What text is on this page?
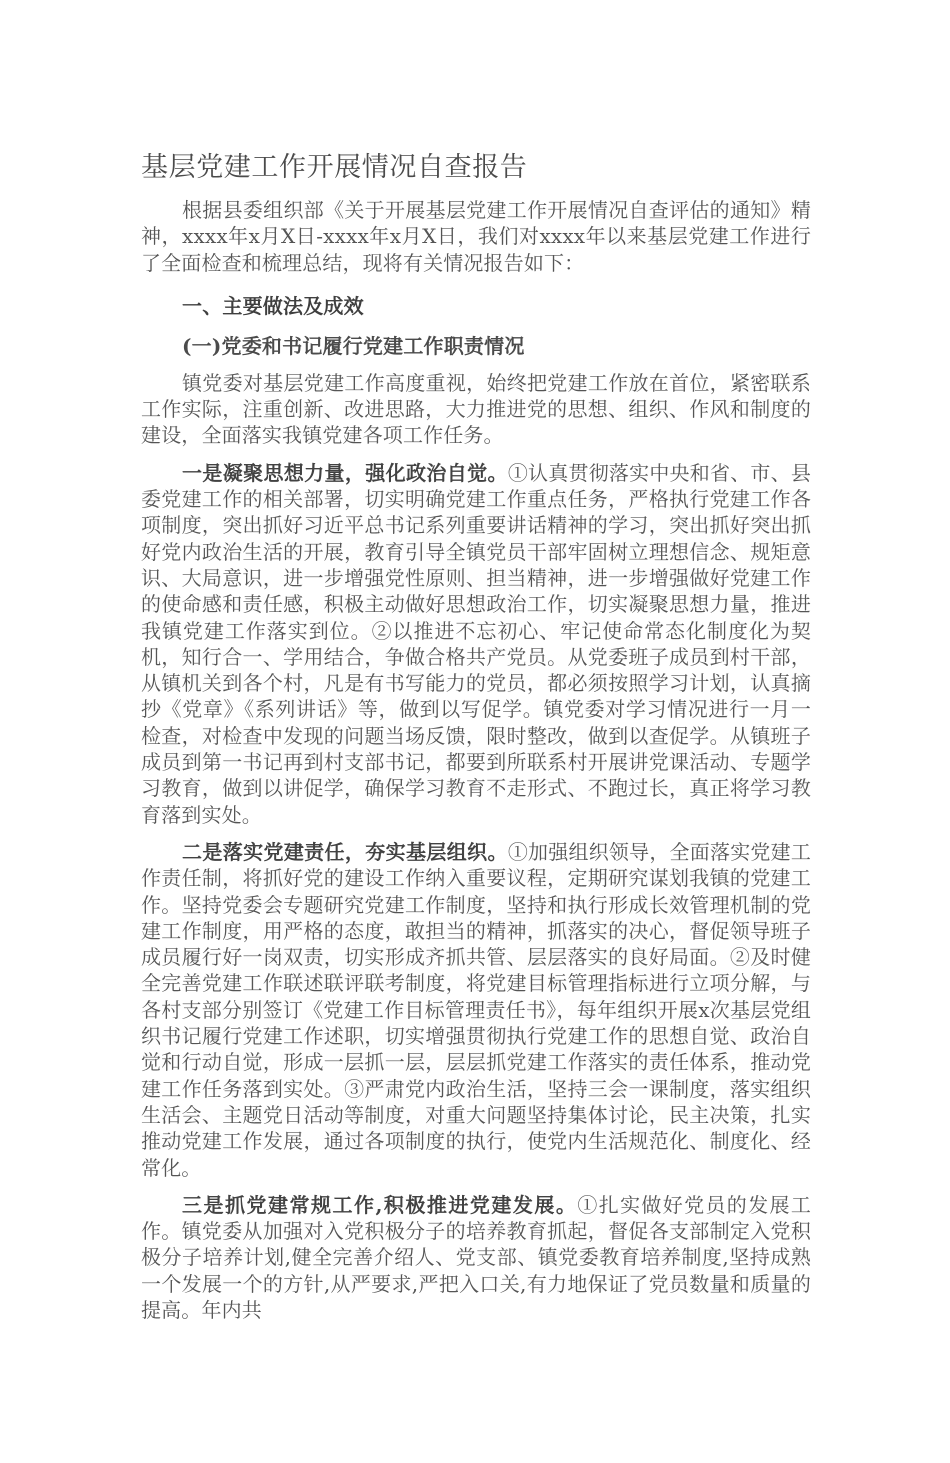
基层党建工作开展情况自查报告

根据县委组织部《关于开展基层党建工作开展情况自查评估的通知》精神，xxxx年x月X日-xxxx年x月X日，我们对xxxx年以来基层党建工作进行了全面检查和梳理总结，现将有关情况报告如下：

一、主要做法及成效
(一)党委和书记履行党建工作职责情况

镇党委对基层党建工作高度重视，始终把党建工作放在首位，紧密联系工作实际，注重创新、改进思路，大力推进党的思想、组织、作风和制度的建设，全面落实我镇党建各项工作任务。

一是凝聚思想力量，强化政治自觉。①认真贯彻落实中央和省、市、县委党建工作的相关部署，切实明确党建工作重点任务，严格执行党建工作各项制度，突出抓好习近平总书记系列重要讲话精神的学习，突出抓好突出抓好党内政治生活的开展，教育引导全镇党员干部牢固树立理想信念、规矩意识、大局意识，进一步增强党性原则、担当精神，进一步增强做好党建工作的使命感和责任感，积极主动做好思想政治工作，切实凝聚思想力量，推进我镇党建工作落实到位。②以推进不忘初心、牢记使命常态化制度化为契机，知行合一、学用结合，争做合格共产党员。从党委班子成员到村干部，从镇机关到各个村，凡是有书写能力的党员，都必须按照学习计划，认真摘抄《党章》《系列讲话》等，做到以写促学。镇党委对学习情况进行一月一检查，对检查中发现的问题当场反馈，限时整改，做到以查促学。从镇班子成员到第一书记再到村支部书记，都要到所联系村开展讲党课活动、专题学习教育，做到以讲促学，确保学习教育不走形式、不跑过长，真正将学习教育落到实处。

二是落实党建责任，夯实基层组织。①加强组织领导，全面落实党建工作责任制，将抓好党的建设工作纳入重要议程，定期研究谋划我镇的党建工作。坚持党委会专题研究党建工作制度，坚持和执行形成长效管理机制的党建工作制度，用严格的态度，敢担当的精神，抓落实的决心，督促领导班子成员履行好一岗双责，切实形成齐抓共管、层层落实的良好局面。②及时健全完善党建工作联述联评联考制度，将党建目标管理指标进行立项分解，与各村支部分别签订《党建工作目标管理责任书》，每年组织开展x次基层党组织书记履行党建工作述职，切实增强贯彻执行党建工作的思想自觉、政治自觉和行动自觉，形成一层抓一层，层层抓党建工作落实的责任体系，推动党建工作任务落到实处。③严肃党内政治生活，坚持三会一课制度，落实组织生活会、主题党日活动等制度，对重大问题坚持集体讨论，民主决策，扎实推动党建工作发展，通过各项制度的执行，使党内生活规范化、制度化、经常化。

三是抓党建常规工作,积极推进党建发展。①扎实做好党员的发展工作。镇党委从加强对入党积极分子的培养教育抓起，督促各支部制定入党积极分子培养计划,健全完善介绍人、党支部、镇党委教育培养制度,坚持成熟一个发展一个的方针,从严要求,严把入口关,有力地保证了党员数量和质量的提高。年内共
